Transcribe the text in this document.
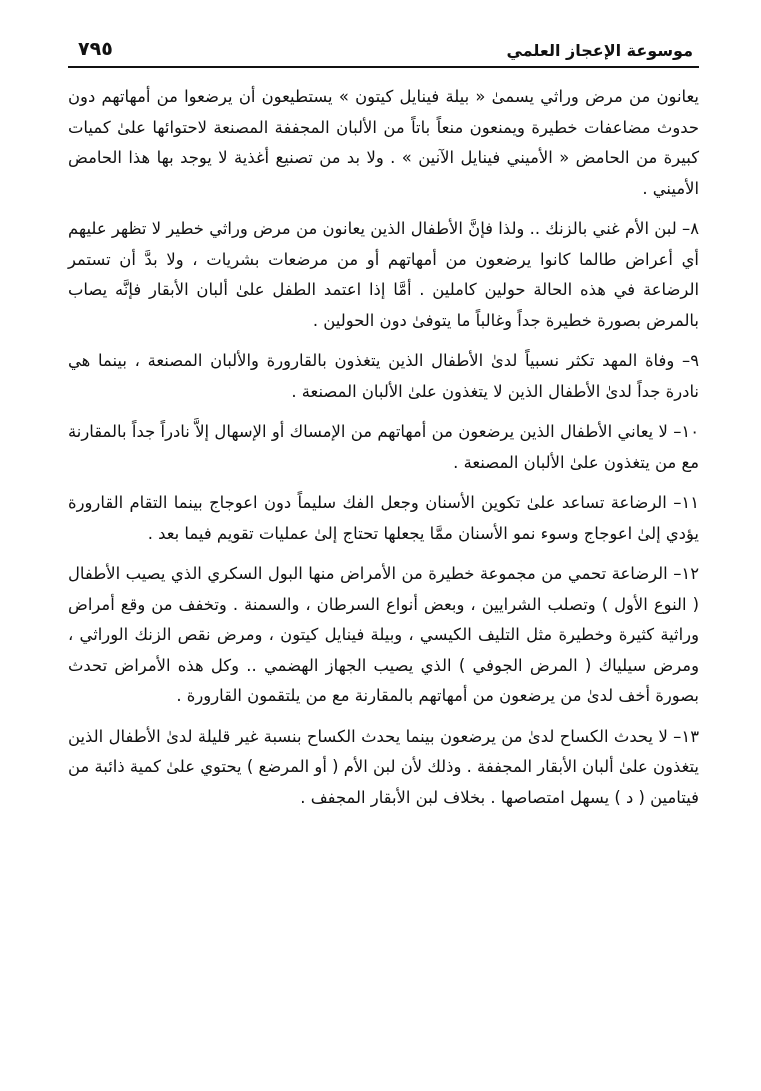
موسوعة الإعجاز العلمي
٧٩٥

يعانون من مرض وراثي يسمىٰ « بيلة فينايل كيتون » يستطيعون أن يرضعوا من أمهاتهم دون حدوث مضاعفات خطيرة ويمنعون منعاً باتاً من الألبان المجففة المصنعة لاحتوائها علىٰ كميات كبيرة من الحامض « الأميني فينايل الآنين » . ولا بد من تصنيع أغذية لا يوجد بها هذا الحامض الأميني .

٨– لبن الأم غني بالزنك .. ولذا فإنَّ الأطفال الذين يعانون من مرض وراثي خطير لا تظهر عليهم أي أعراض طالما كانوا يرضعون من أمهاتهم أو من مرضعات بشريات ، ولا بدَّ أن تستمر الرضاعة في هذه الحالة حولين كاملين . أمَّا إذا اعتمد الطفل علىٰ ألبان الأبقار فإنَّه يصاب بالمرض بصورة خطيرة جداً وغالباً ما يتوفىٰ دون الحولين .

٩– وفاة المهد تكثر نسبياً لدىٰ الأطفال الذين يتغذون بالقارورة والألبان المصنعة ، بينما هي نادرة جداً لدىٰ الأطفال الذين لا يتغذون علىٰ الألبان المصنعة .

١٠– لا يعاني الأطفال الذين يرضعون من أمهاتهم من الإمساك أو الإسهال إلاَّ نادراً جداً بالمقارنة مع من يتغذون علىٰ الألبان المصنعة .

١١– الرضاعة تساعد علىٰ تكوين الأسنان وجعل الفك سليماً دون اعوجاج بينما التقام القارورة يؤدي إلىٰ اعوجاج وسوء نمو الأسنان ممَّا يجعلها تحتاج إلىٰ عمليات تقويم فيما بعد .

١٢– الرضاعة تحمي من مجموعة خطيرة من الأمراض منها البول السكري الذي يصيب الأطفال ( النوع الأول ) وتصلب الشرايين ، وبعض أنواع السرطان ، والسمنة . وتخفف من وقع أمراض وراثية كثيرة وخطيرة مثل التليف الكيسي ، وبيلة فينايل كيتون ، ومرض نقص الزنك الوراثي ، ومرض سيلياك ( المرض الجوفي ) الذي يصيب الجهاز الهضمي .. وكل هذه الأمراض تحدث بصورة أخف لدىٰ من يرضعون من أمهاتهم بالمقارنة مع من يلتقمون القارورة .

١٣– لا يحدث الكساح لدىٰ من يرضعون بينما يحدث الكساح بنسبة غير قليلة لدىٰ الأطفال الذين يتغذون علىٰ ألبان الأبقار المجففة . وذلك لأن لبن الأم ( أو المرضع ) يحتوي علىٰ كمية ذائبة من فيتامين ( د ) يسهل امتصاصها . بخلاف لبن الأبقار المجفف .
